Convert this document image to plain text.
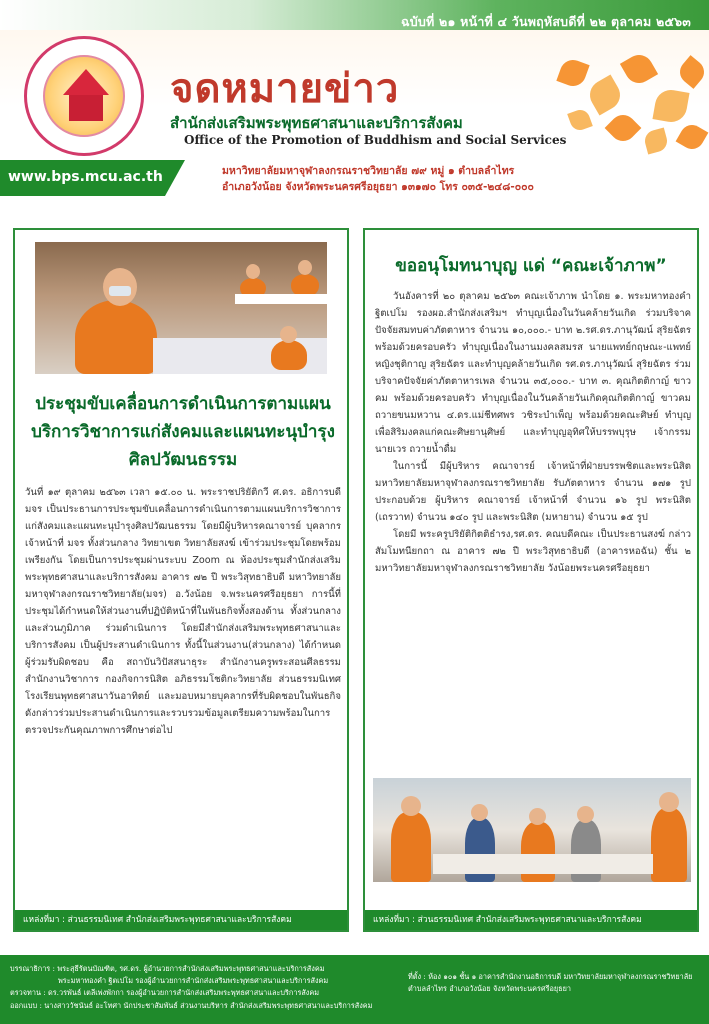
ฉบับที่ ๒๑ หน้าที่ ๔ วันพฤหัสบดีที่ ๒๒ ตุลาคม ๒๕๖๓
จดหมายข่าว
สำนักส่งเสริมพระพุทธศาสนาและบริการสังคม
Office of the Promotion of Buddhism and Social Services
www.bps.mcu.ac.th	มหาวิทยาลัยมหาจุฬาลงกรณราชวิทยาลัย ๗๙ หมู่ ๑ ตำบลลำไทร
อำเภอวังน้อย จังหวัดพระนครศรีอยุธยา ๑๓๑๗๐ โทร ๐๓๕-๒๔๘-๐๐๐
ประชุมขับเคลื่อนการดำเนินการตามแผนบริการวิชาการแก่สังคมและแผนทะนุบำรุงศิลปวัฒนธรรม
วันที่ ๑๙ ตุลาคม ๒๕๖๓ เวลา ๑๕.๐๐ น. พระราชปริยัติกวี ศ.ดร. อธิการบดี มจร เป็นประธานการประชุมขับเคลื่อนการดำเนินการตามแผนบริการวิชาการแก่สังคมและแผนทะนุบำรุงศิลปวัฒนธรรม โดยมีผู้บริหารคณาจารย์ บุคลากร เจ้าหน้าที่ มจร ทั้งส่วนกลาง วิทยาเขต วิทยาลัยสงฆ์ เข้าร่วมประชุมโดยพร้อมเพรียงกัน โดยเป็นการประชุมผ่านระบบ Zoom ณ ห้องประชุมสำนักส่งเสริมพระพุทธศาสนาและบริการสังคม อาคาร ๗๒ ปี พระวิสุทธาธิบดี มหาวิทยาลัยมหาจุฬาลงกรณราชวิทยาลัย(มจร) อ.วังน้อย จ.พระนครศรีอยุธยา การนี้ที่ประชุมได้กำหนดให้ส่วนงานที่ปฏิบัติหน้าที่ในพันธกิจทั้งสองด้าน ทั้งส่วนกลางและส่วนภูมิภาค ร่วมดำเนินการ โดยมีสำนักส่งเสริมพระพุทธศาสนาและบริการสังคม เป็นผู้ประสานดำเนินการ ทั้งนี้ในส่วนงาน(ส่วนกลาง) ได้กำหนดผู้ร่วมรับผิดชอบ คือ สถาบันวิปัสสนาธุระ สำนักงานครูพระสอนศีลธรรม สำนักงานวิชาการ กองกิจการนิสิต อภิธรรมโชติกะวิทยาลัย ส่วนธรรมนิเทศ โรงเรียนพุทธศาสนาวันอาทิตย์ และมอบหมายบุคลากรที่รับผิดชอบในพันธกิจดังกล่าวร่วมประสานดำเนินการและรวบรวมข้อมูลเตรียมความพร้อมในการตรวจประกันคุณภาพการศึกษาต่อไป
แหล่งที่มา : ส่วนธรรมนิเทศ สำนักส่งเสริมพระพุทธศาสนาและบริการสังคม
ขออนุโมทนาบุญ แด่ “คณะเจ้าภาพ”

วันอังคารที่ ๒๐ ตุลาคม ๒๕๖๓ คณะเจ้าภาพ นำโดย ๑. พระมหาทองคำ ฐิตเปโม รองผอ.สำนักส่งเสริมฯ ทำบุญเนื่องในวันคล้ายวันเกิด ร่วมบริจาคปัจจัยสมทบค่าภัตตาหาร จำนวน ๑๐,๐๐๐.- บาท ๒.รศ.ดร.ภานุวัฒน์ สุริยฉัตร พร้อมด้วยครอบครัว ทำบุญเนื่องในงานมงคลสมรส นายแพทย์กฤษณะ-แพทย์หญิงชุติกาญ สุริยฉัตร และทำบุญคล้ายวันเกิด รศ.ดร.ภานุวัฒน์ สุริยฉัตร ร่วมบริจาคปัจจัยค่าภัตตาหารเพล จำนวน ๓๕,๐๐๐.- บาท ๓. คุณกิตติกาญ์ ขาวคม พร้อมด้วยครอบครัว ทำบุญเนื่องในวันคล้ายวันเกิดคุณกิตติกาญ์ ขาวคม ถวายขนมหวาน ๔.ดร.แม่ชีทศพร วชิระบำเพ็ญ พร้อมด้วยคณะศิษย์ ทำบุญเพื่อสิริมงคลแก่คณะศิษยานุศิษย์ และทำบุญอุทิศให้บรรพบุรุษ เจ้ากรรมนายเวร ถวายน้ำดื่ม

ในการนี้ มีผู้บริหาร คณาจารย์ เจ้าหน้าที่ฝ่ายบรรพชิตและพระนิสิตมหาวิทยาลัยมหาจุฬาลงกรณราชวิทยาลัย รับภัตตาหาร จำนวน ๑๗๑ รูป ประกอบด้วย ผู้บริหาร คณาจารย์ เจ้าหน้าที่ จำนวน ๑๖ รูป พระนิสิต (เถรวาท) จำนวน ๑๔๐ รูป และพระนิสิต (มหายาน) จำนวน ๑๕ รูป

โดยมี พระครูปริยัติกิตติธำรง,รศ.ดร. คณบดีคณะ เป็นประธานสงฆ์ กล่าวสัมโมทนียกถา ณ อาคาร ๗๒ ปี พระวิสุทธาธิบดี (อาคารหอฉัน) ชั้น ๒ มหาวิทยาลัยมหาจุฬาลงกรณราชวิทยาลัย วังน้อยพระนครศรีอยุธยา

แหล่งที่มา : ส่วนธรรมนิเทศ สำนักส่งเสริมพระพุทธศาสนาและบริการสังคม
บรรณาธิการ : พระสุธีรัตนบัณฑิต, รศ.ดร. ผู้อำนวยการสำนักส่งเสริมพระพุทธศาสนาและบริการสังคม
พระมหาทองคำ ฐิตเปโม รองผู้อำนวยการสำนักส่งเสริมพระพุทธศาสนาและบริการสังคม
ตรวจทาน : ดร.วรพันธ์ เตลีเพ่งพักกา รองผู้อำนวยการสำนักส่งเสริมพระพุทธศาสนาและบริการสังคม
ออกแบบ : นางสาววัชนันธ์ อะโทศา นักประชาสัมพันธ์ ส่วนงานบริหาร สำนักส่งเสริมพระพุทธศาสนาและบริการสังคม
ที่ตั้ง : ห้อง ๑๐๑ ชั้น ๑ อาคารสำนักงานอธิการบดี มหาวิทยาลัยมหาจุฬาลงกรณราชวิทยาลัย ตำบลลำไทร อำเภอวังน้อย จังหวัดพระนครศรีอยุธยา
